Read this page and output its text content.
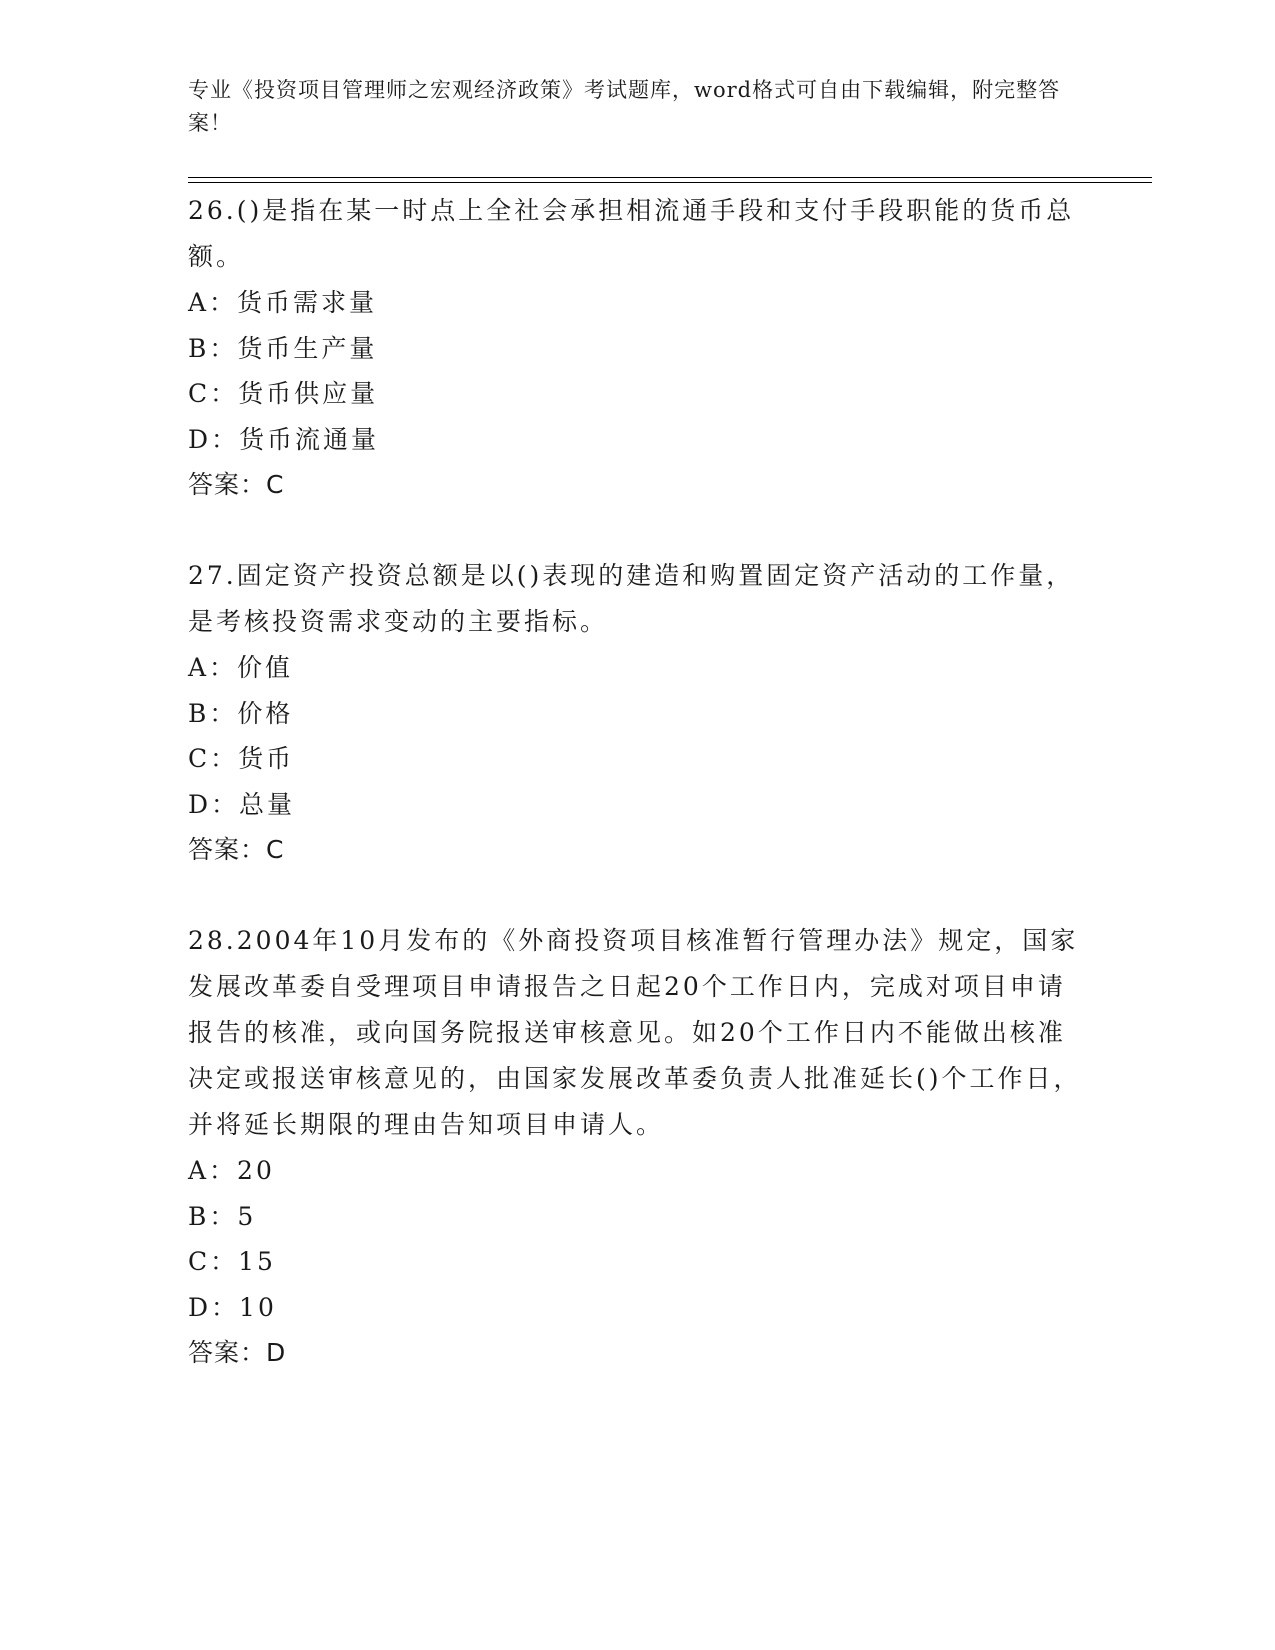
专业《投资项目管理师之宏观经济政策》考试题库，word格式可自由下载编辑，附完整答案！

26.()是指在某一时点上全社会承担相流通手段和支付手段职能的货币总额。

A：货币需求量

B：货币生产量

C：货币供应量

D：货币流通量

答案：C

27.固定资产投资总额是以()表现的建造和购置固定资产活动的工作量，是考核投资需求变动的主要指标。

A：价值

B：价格

C：货币

D：总量

答案：C

28.2004年10月发布的《外商投资项目核准暂行管理办法》规定，国家发展改革委自受理项目申请报告之日起20个工作日内，完成对项目申请报告的核准，或向国务院报送审核意见。如20个工作日内不能做出核准决定或报送审核意见的，由国家发展改革委负责人批准延长()个工作日，并将延长期限的理由告知项目申请人。

A：20

B：5

C：15

D：10

答案：D
